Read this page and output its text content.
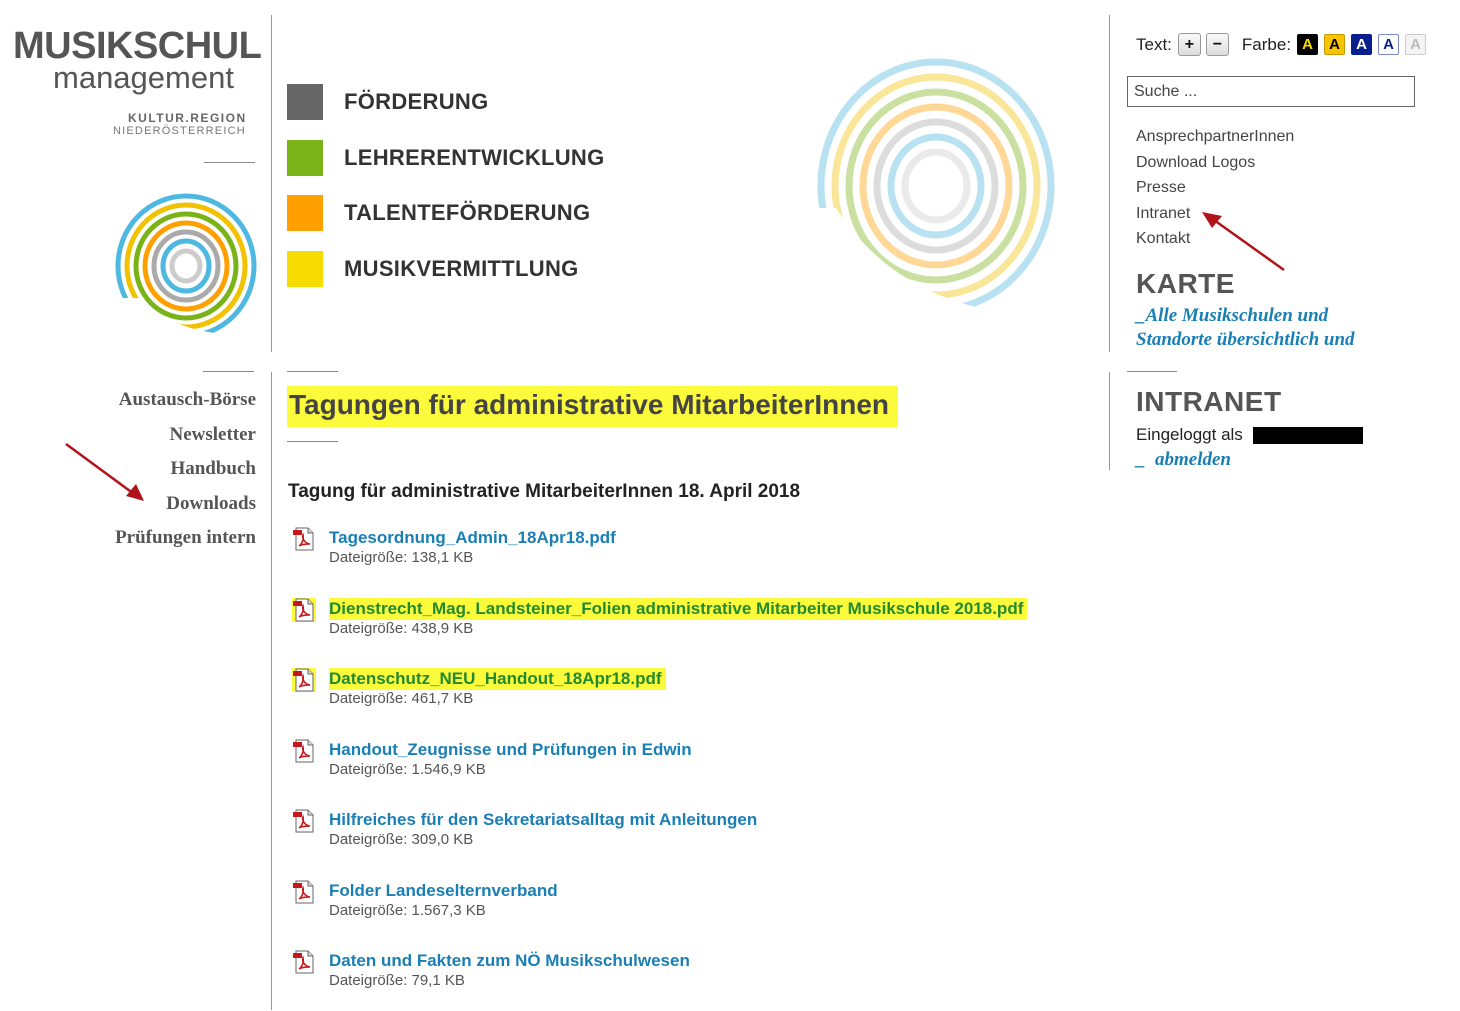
MUSIKSCHUL
management
KULTUR.REGION
NIEDERÖSTERREICH
FÖRDERUNG
LEHRERENTWICKLUNG
TALENTEFÖRDERUNG
MUSIKVERMITTLUNG
Text: +	−	Farbe: A	A	A	A	A
Suche ...
AnsprechpartnerInnen
Download Logos
Presse
Intranet
Kontakt
KARTE
_Alle Musikschulen und
Standorte übersichtlich und
INTRANET
Eingeloggt als
_  abmelden
Austausch-Börse
Newsletter
Handbuch
Downloads
Prüfungen intern
Tagungen für administrative MitarbeiterInnen
Tagung für administrative MitarbeiterInnen 18. April 2018
Tagesordnung_Admin_18Apr18.pdf
Dateigröße: 138,1 KB
Dienstrecht_Mag. Landsteiner_Folien administrative Mitarbeiter Musikschule 2018.pdf
Dateigröße: 438,9 KB
Datenschutz_NEU_Handout_18Apr18.pdf
Dateigröße: 461,7 KB
Handout_Zeugnisse und Prüfungen in Edwin
Dateigröße: 1.546,9 KB
Hilfreiches für den Sekretariatsalltag mit Anleitungen
Dateigröße: 309,0 KB
Folder Landeselternverband
Dateigröße: 1.567,3 KB
Daten und Fakten zum NÖ Musikschulwesen
Dateigröße: 79,1 KB
